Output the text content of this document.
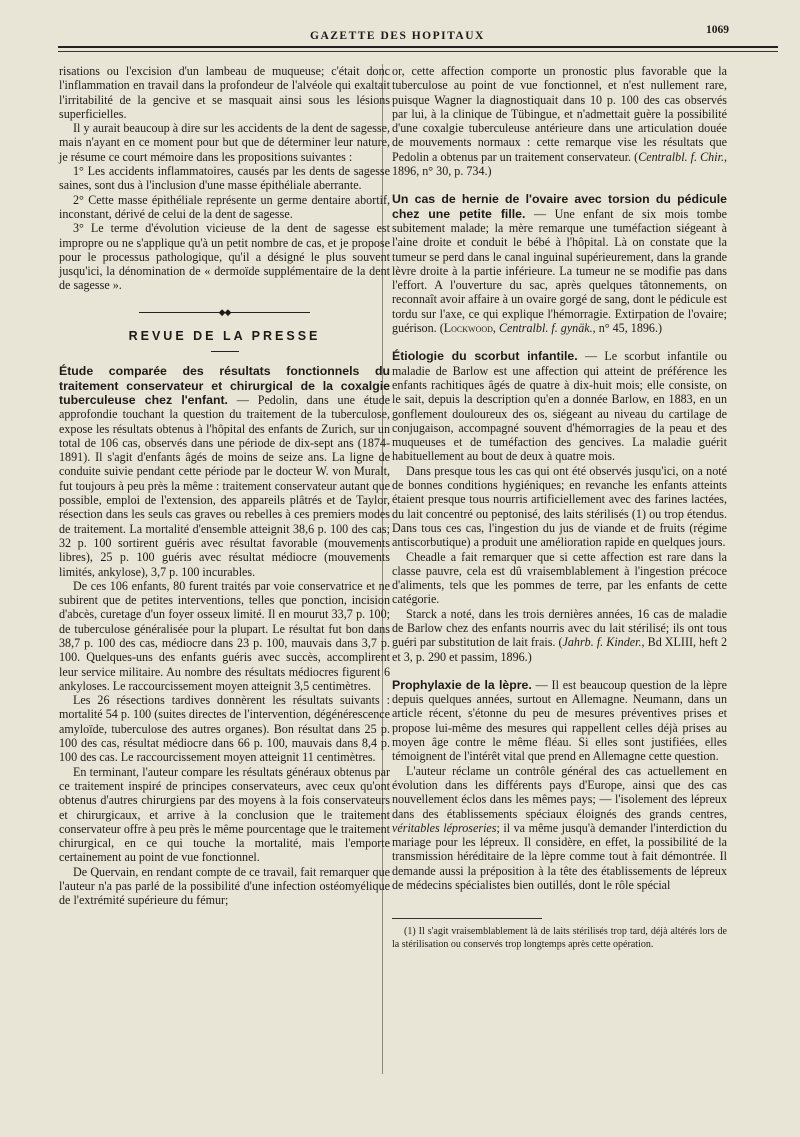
GAZETTE DES HOPITAUX	1069

risations ou l'excision d'un lambeau de muqueuse; c'était donc l'inflammation en travail dans la profondeur de l'alvéole qui exaltait l'irritabilité de la gencive et se masquait ainsi sous les lésions superficielles.

Il y aurait beaucoup à dire sur les accidents de la dent de sagesse, mais n'ayant en ce moment pour but que de déterminer leur nature, je résume ce court mémoire dans les propositions suivantes :

1° Les accidents inflammatoires, causés par les dents de sagesse saines, sont dus à l'inclusion d'une masse épithéliale aberrante.

2° Cette masse épithéliale représente un germe dentaire abortif, inconstant, dérivé de celui de la dent de sagesse.

3° Le terme d'évolution vicieuse de la dent de sagesse est impropre ou ne s'applique qu'à un petit nombre de cas, et je propose pour le processus pathologique, qu'il a désigné le plus souvent jusqu'ici, la dénomination de « dermoïde supplémentaire de la dent de sagesse ».

◆◆
REVUE DE LA PRESSE

Étude comparée des résultats fonctionnels du traitement conservateur et chirurgical de la coxalgie tuberculeuse chez l'enfant. — Pedolin, dans une étude approfondie touchant la question du traitement de la tuberculose, expose les résultats obtenus à l'hôpital des enfants de Zurich, sur un total de 106 cas, observés dans une période de dix-sept ans (1874-1891). Il s'agit d'enfants âgés de moins de seize ans. La ligne de conduite suivie pendant cette période par le docteur W. von Muralt, fut toujours à peu près la même : traitement conservateur autant que possible, emploi de l'extension, des appareils plâtrés et de Taylor, résection dans les seuls cas graves ou rebelles à ces premiers modes de traitement. La mortalité d'ensemble atteignit 38,6 p. 100 des cas; 32 p. 100 sortirent guéris avec résultat favorable (mouvements libres), 25 p. 100 guéris avec résultat médiocre (mouvements limités, ankylose), 3,7 p. 100 incurables.

De ces 106 enfants, 80 furent traités par voie conservatrice et ne subirent que de petites interventions, telles que ponction, incision d'abcès, curetage d'un foyer osseux limité. Il en mourut 33,7 p. 100; de tuberculose généralisée pour la plupart. Le résultat fut bon dans 38,7 p. 100 des cas, médiocre dans 23 p. 100, mauvais dans 3,7 p. 100. Quelques-uns des enfants guéris avec succès, accomplirent leur service militaire. Au nombre des résultats médiocres figurent 6 ankyloses. Le raccourcissement moyen atteignit 3,5 centimètres.

Les 26 résections tardives donnèrent les résultats suivants : mortalité 54 p. 100 (suites directes de l'intervention, dégénérescence amyloïde, tuberculose des autres organes). Bon résultat dans 25 p. 100 des cas, résultat médiocre dans 66 p. 100, mauvais dans 8,4 p. 100 des cas. Le raccourcissement moyen atteignit 11 centimètres.

En terminant, l'auteur compare les résultats généraux obtenus par ce traitement inspiré de principes conservateurs, avec ceux qu'ont obtenus d'autres chirurgiens par des moyens à la fois conservateurs et chirurgicaux, et arrive à la conclusion que le traitement conservateur offre à peu près le même pourcentage que le traitement chirurgical, en ce qui touche la mortalité, mais l'emporte certainement au point de vue fonctionnel.

De Quervain, en rendant compte de ce travail, fait remarquer que l'auteur n'a pas parlé de la possibilité d'une infection ostéomyélique de l'extrémité supérieure du fémur;

or, cette affection comporte un pronostic plus favorable que la tuberculose au point de vue fonctionnel, et n'est nullement rare, puisque Wagner la diagnostiquait dans 10 p. 100 des cas observés par lui, à la clinique de Tübingue, et n'admettait guère la possibilité d'une coxalgie tuberculeuse antérieure dans une articulation douée de mouvements normaux : cette remarque vise les résultats que Pedolin a obtenus par un traitement conservateur. (Centralbl. f. Chir., 1896, n° 30, p. 734.)

Un cas de hernie de l'ovaire avec torsion du pédicule chez une petite fille. — Une enfant de six mois tombe subitement malade; la mère remarque une tuméfaction siégeant à l'aine droite et conduit le bébé à l'hôpital. Là on constate que la tumeur se perd dans le canal inguinal supérieurement, dans la grande lèvre droite à la partie inférieure. La tumeur ne se modifie pas dans l'effort. A l'ouverture du sac, après quelques tâtonnements, on reconnaît avoir affaire à un ovaire gorgé de sang, dont le pédicule est tordu sur l'axe, ce qui explique l'hémorragie. Extirpation de l'ovaire; guérison. (Lockwood, Centralbl. f. gynäk., n° 45, 1896.)

Étiologie du scorbut infantile. — Le scorbut infantile ou maladie de Barlow est une affection qui atteint de préférence les enfants rachitiques âgés de quatre à dix-huit mois; elle consiste, on le sait, depuis la description qu'en a donnée Barlow, en 1883, en un gonflement douloureux des os, siégeant au niveau du cartilage de conjugaison, accompagné souvent d'hémorragies de la peau et des muqueuses et de tuméfaction des gencives. La maladie guérit habituellement au bout de deux à quatre mois.

Dans presque tous les cas qui ont été observés jusqu'ici, on a noté de bonnes conditions hygiéniques; en revanche les enfants atteints étaient presque tous nourris artificiellement avec des farines lactées, du lait concentré ou peptonisé, des laits stérilisés (1) ou trop étendus. Dans tous ces cas, l'ingestion du jus de viande et de fruits (régime antiscorbutique) a produit une amélioration rapide en quelques jours.

Cheadle a fait remarquer que si cette affection est rare dans la classe pauvre, cela est dû vraisemblablement à l'ingestion précoce d'aliments, tels que les pommes de terre, par les enfants de cette catégorie.

Starck a noté, dans les trois dernières années, 16 cas de maladie de Barlow chez des enfants nourris avec du lait stérilisé; ils ont tous guéri par substitution de lait frais. (Jahrb. f. Kinder., Bd XLIII, heft 2 et 3, p. 290 et passim, 1896.)

Prophylaxie de la lèpre. — Il est beaucoup question de la lèpre depuis quelques années, surtout en Allemagne. Neumann, dans un article récent, s'étonne du peu de mesures préventives prises et propose lui-même des mesures qui rappellent celles déjà prises au moyen âge contre le même fléau. Si elles sont justifiées, elles témoignent de l'intérêt vital que prend en Allemagne cette question.

L'auteur réclame un contrôle général des cas actuellement en évolution dans les différents pays d'Europe, ainsi que des cas nouvellement éclos dans les mêmes pays; — l'isolement des lépreux dans des établissements spéciaux éloignés des grands centres, véritables léproseries; il va même jusqu'à demander l'interdiction du mariage pour les lépreux. Il considère, en effet, la possibilité de la transmission héréditaire de la lèpre comme tout à fait démontrée. Il demande aussi la préposition à la tête des établissements de lépreux de médecins spécialistes bien outillés, dont le rôle spécial

(1) Il s'agit vraisemblablement là de laits stérilisés trop tard, déjà altérés lors de la stérilisation ou conservés trop longtemps après cette opération.
